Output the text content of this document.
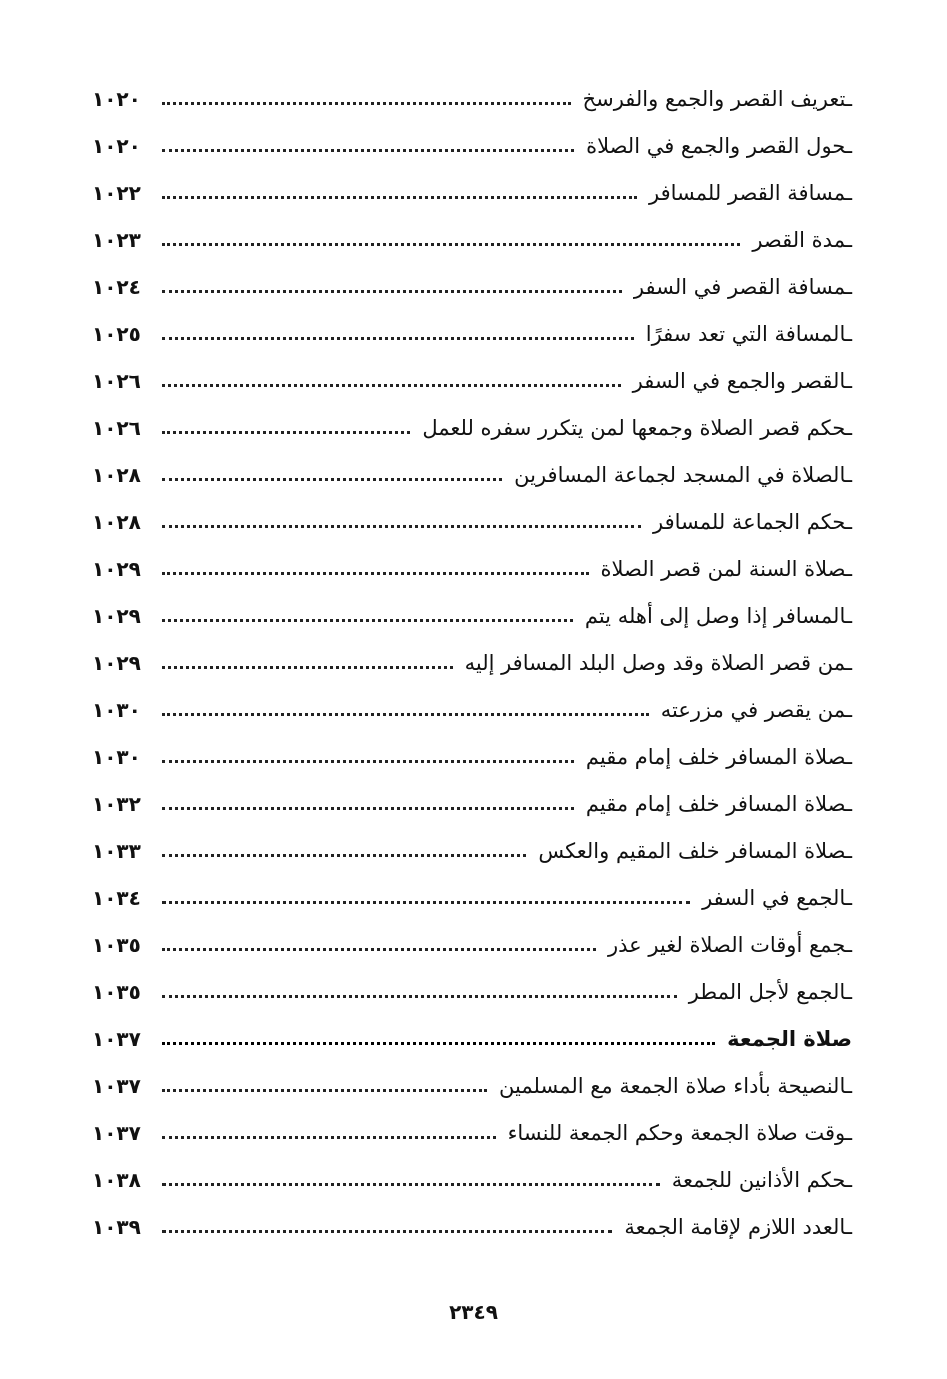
ـتعريف القصر والجمع والفرسخ
١٠٢٠
ـحول القصر والجمع في الصلاة
١٠٢٠
ـمسافة القصر للمسافر
١٠٢٢
ـمدة القصر
١٠٢٣
ـمسافة القصر في السفر
١٠٢٤
ـالمسافة التي تعد سفرًا
١٠٢٥
ـالقصر والجمع في السفر
١٠٢٦
ـحكم قصر الصلاة وجمعها لمن يتكرر سفره للعمل
١٠٢٦
ـالصلاة في المسجد لجماعة المسافرين
١٠٢٨
ـحكم الجماعة للمسافر
١٠٢٨
ـصلاة السنة لمن قصر الصلاة
١٠٢٩
ـالمسافر إذا وصل إلى أهله يتم
١٠٢٩
ـمن قصر الصلاة وقد وصل البلد المسافر إليه
١٠٢٩
ـمن يقصر في مزرعته
١٠٣٠
ـصلاة المسافر خلف إمام مقيم
١٠٣٠
ـصلاة المسافر خلف إمام مقيم
١٠٣٢
ـصلاة المسافر خلف المقيم والعكس
١٠٣٣
ـالجمع في السفر
١٠٣٤
ـجمع أوقات الصلاة لغير عذر
١٠٣٥
ـالجمع لأجل المطر
١٠٣٥
صلاة الجمعة
١٠٣٧
ـالنصيحة بأداء صلاة الجمعة مع المسلمين
١٠٣٧
ـوقت صلاة الجمعة وحكم الجمعة للنساء
١٠٣٧
ـحكم الأذانين للجمعة
١٠٣٨
ـالعدد اللازم لإقامة الجمعة
١٠٣٩
٢٣٤٩
